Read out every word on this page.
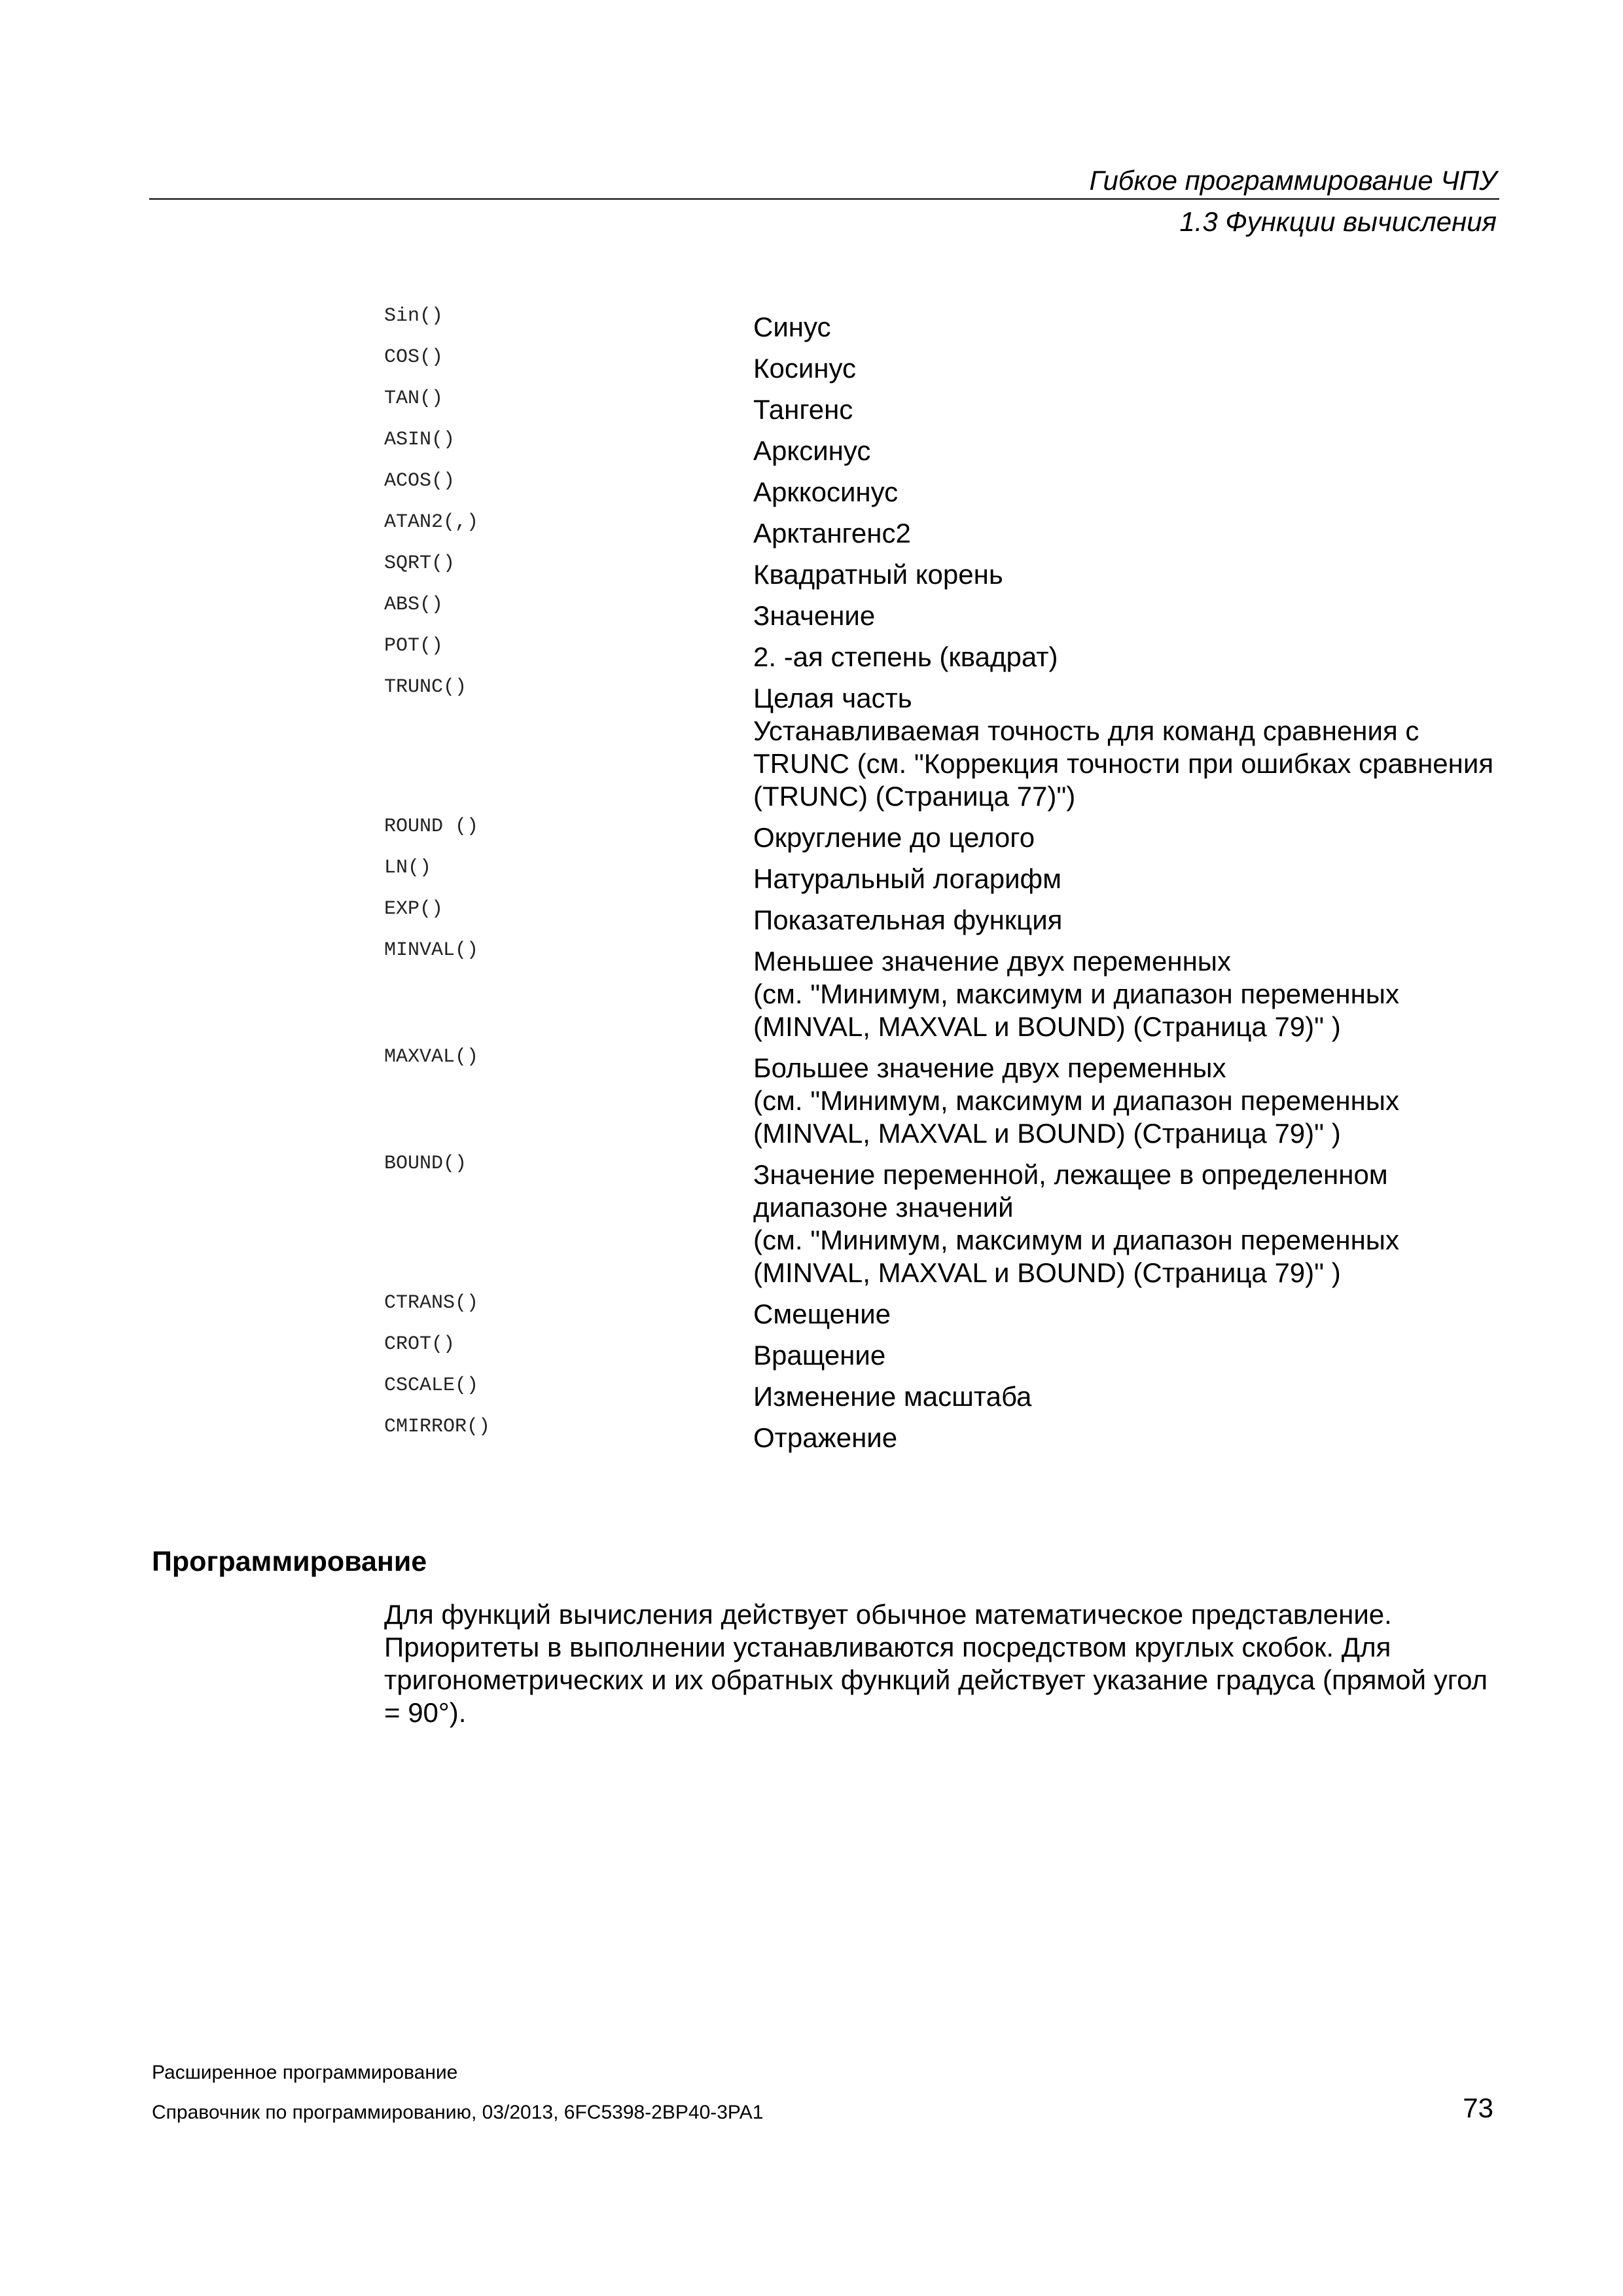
Гибкое программирование ЧПУ
1.3 Функции вычисления
Sin()	Синус
COS()	Косинус
TAN()	Тангенс
ASIN()	Арксинус
ACOS()	Арккосинус
ATAN2(,)	Арктангенс2
SQRT()	Квадратный корень
ABS()	Значение
POT()	2. -ая степень (квадрат)
TRUNC()	Целая часть
Устанавливаемая точность для команд сравнения с
TRUNC (см. "Коррекция точности при ошибках сравнения
(TRUNC) (Страница 77)")
ROUND ()	Округление до целого
LN()	Натуральный логарифм
EXP()	Показательная функция
MINVAL()	Меньшее значение двух переменных
(см. "Минимум, максимум и диапазон переменных
(MINVAL, MAXVAL и BOUND) (Страница 79)" )
MAXVAL()	Большее значение двух переменных
(см. "Минимум, максимум и диапазон переменных
(MINVAL, MAXVAL и BOUND) (Страница 79)" )
BOUND()	Значение переменной, лежащее в определенном
диапазоне значений
(см. "Минимум, максимум и диапазон переменных
(MINVAL, MAXVAL и BOUND) (Страница 79)" )
CTRANS()	Смещение
CROT()	Вращение
CSCALE()	Изменение масштаба
CMIRROR()	Отражение
Программирование
Для функций вычисления действует обычное математическое представление.
Приоритеты в выполнении устанавливаются посредством круглых скобок. Для
тригонометрических и их обратных функций действует указание градуса (прямой угол
= 90°).
Расширенное программирование
Справочник по программированию, 03/2013, 6FC5398-2BP40-3PA1	73
